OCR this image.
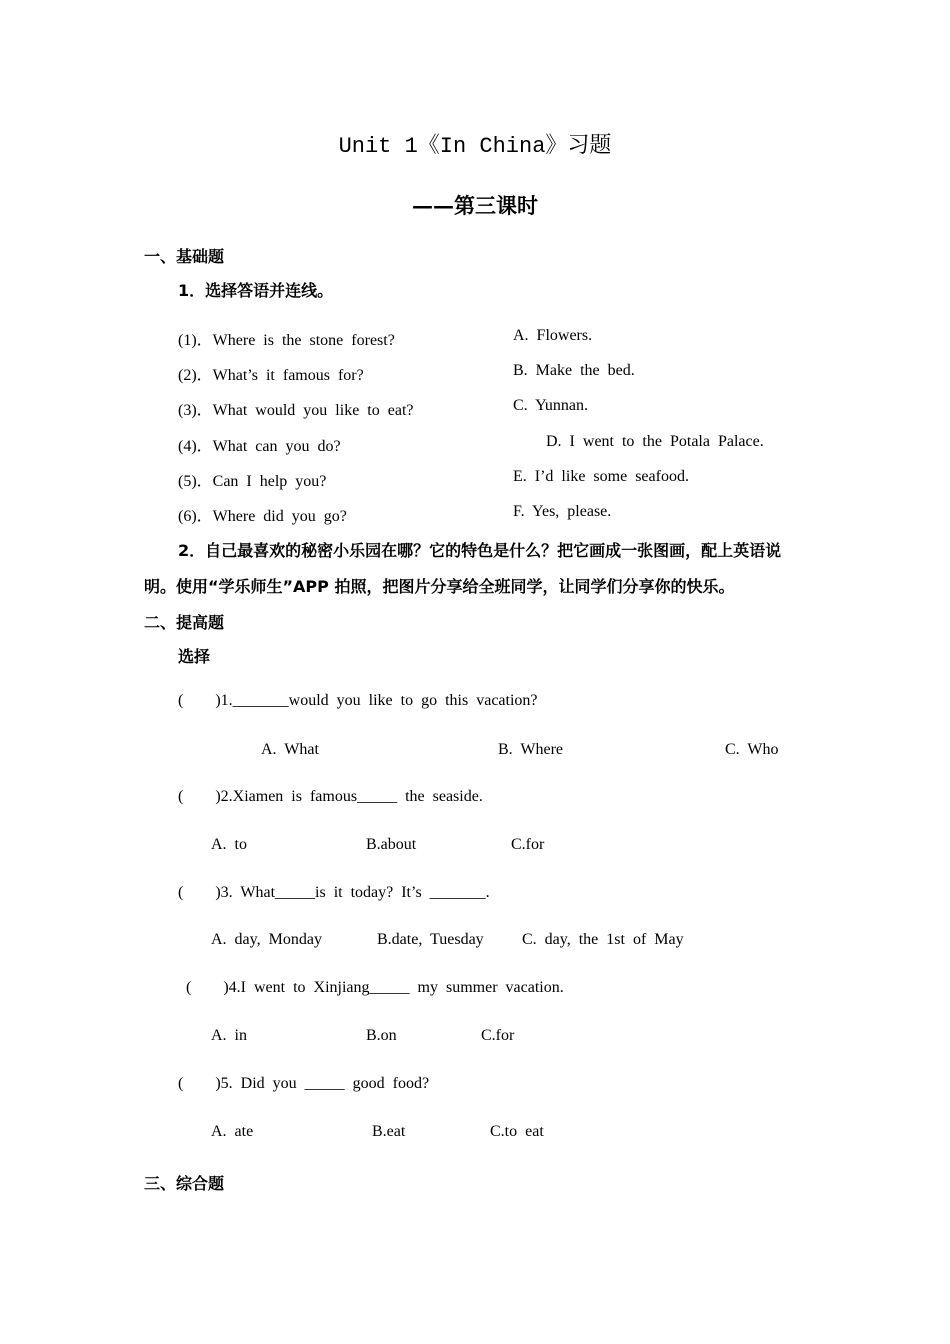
Unit 1《In China》习题
——第三课时
一、基础题
1．选择答语并连线。
(1)．Where  is  the  stone  forest?	A.  Flowers.
(2)．What’s  it  famous  for?	B.  Make  the  bed.
(3)．What  would  you  like  to  eat?	C.  Yunnan.
(4)．What  can  you  do?	D.  I  went  to  the  Potala  Palace.
(5)．Can  I  help  you?	E.  I’d  like  some  seafood.
(6)．Where  did  you  go?	F.  Yes,  please.
2．自己最喜欢的秘密小乐园在哪？它的特色是什么？把它画成一张图画，配上英语说
明。使用“学乐师生”APP 拍照，把图片分享给全班同学，让同学们分享你的快乐。
二、提高题
选择
(        )1._______would  you  like  to  go  this  vacation?
A.  What	B.  Where	C.  Who
(        )2.Xiamen  is  famous_____  the  seaside.
A.  to	B.about	C.for
(        )3.  What_____is  it  today?  It’s  _______.
A.  day,  Monday	B.date,  Tuesday C.  day,  the  1st  of  May
(        )4.I  went  to  Xinjiang_____  my  summer  vacation.
A.  in	B.on	C.for
(        )5.  Did  you  _____  good  food?
A.  ate	B.eat	C.to  eat
三、综合题
